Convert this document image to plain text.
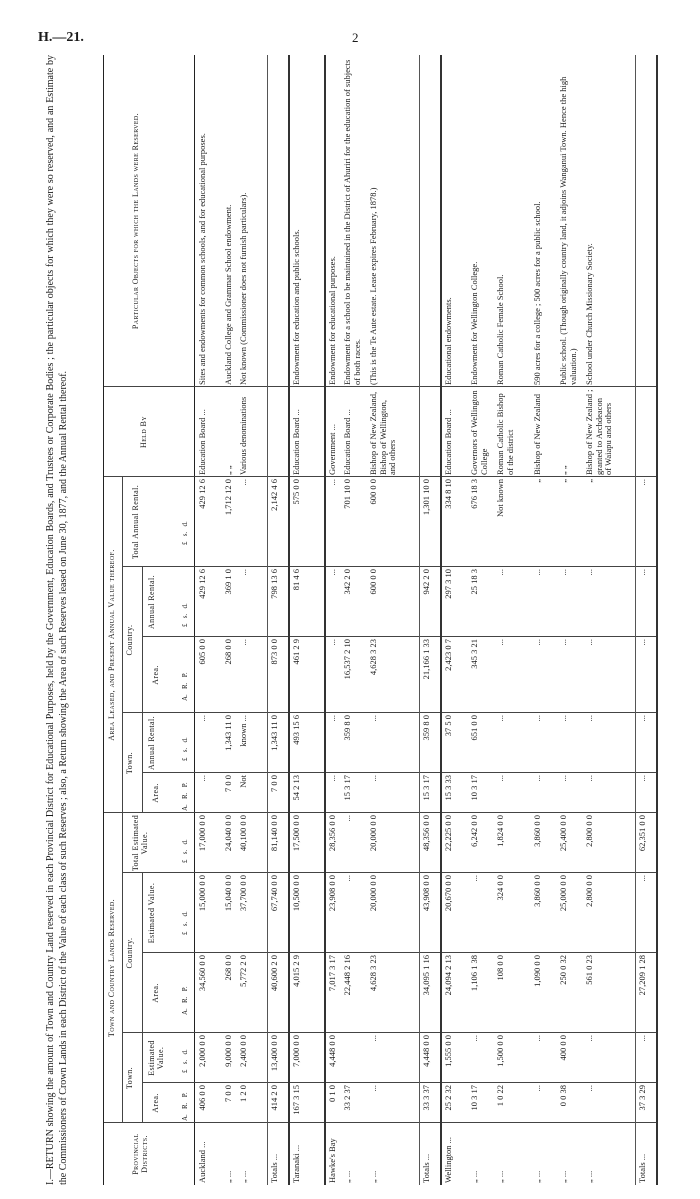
H.—21.	2
I.—RETURN showing the amount of Town and Country Land reserved in each Provincial District for Educational Purposes, held by the Government, Education Boards, and Trustees or Corporate Bodies ; the particular objects for which they were so reserved, and an Estimate by the Commissioners of Crown Lands in each District of the Value of each class of such Reserves ; also, a Return showing the Area of such Reserves leased on June 30, 1877, and the Annual Rental thereof.	Provincial Districts.
Town and Country Lands Reserved.
Town.
Country.
Area.
Estimated Value.
Area.
Estimated Value.
Total Estimated Value.
Area Leased, and Present Annual Value thereof.
Town.
Country.
Area.
Annual Rental.
Area.
Annual Rental.
Total Annual Rental.
Held By
Particular Objects for which the Lands were Reserved.
A.   R.   P.
£   s.   d.
A.   R.   P.
£   s.   d.
£   s.   d.
A.   R.   P.
£   s.   d.
A.   R.   P.
£   s.   d.
£   s.   d.
Auckland ...
406 0 0
2,000 0 0
34,560 0 0
15,000 0 0
17,000 0 0
...
...
605 0 0
429 12 6
429 12 6
Education Board ...
Sites and endowments for common schools, and for educational purposes.
„ ...
7 0 0
9,000 0 0
268 0 0
15,040 0 0
24,040 0 0
7 0 0
1,343 11 0
268 0 0
369 1 0
1,712 12 0
„ „
Auckland College and Grammar School endowment.
„ ...
1 2 0
2,400 0 0
5,772 2 0
37,700 0 0
40,100 0 0
Not
known ...
...
...
...
Various denominations
Not known (Commissioner does not furnish particulars).
Totals ...
414 2 0
13,400 0 0
40,600 2 0
67,740 0 0
81,140 0 0
7 0 0
1,343 11 0
873 0 0
798 13 6
2,142 4 6
Taranaki ...
167 3 15
7,000 0 0
4,015 2 9
10,500 0 0
17,500 0 0
54 2 13
493 15 6
461 2 9
81 4 6
575 0 0
Education Board ...
Endowment for education and public schools.
Hawke's Bay
0 1 0
4,448 0 0
7,017 3 17
23,908 0 0
28,356 0 0
...
...
...
...
...
Government ...
Endowment for educational purposes.
„ ...
33 2 37
22,448 2 16
...
...
15 3 17
359 8 0
16,537 2 10
342 2 0
701 10 0
Education Board ...
Endowment for a school to be maintained in the District of Ahuriri for the education of subjects of both races.
„ ...
...
...
4,628 3 23
20,000 0 0
20,000 0 0
...
...
4,628 3 23
600 0 0
600 0 0
Bishop of New Zealand, Bishop of Wellington, and others
(This is the Te Aute estate. Lease expires February, 1878.)
Totals ...
33 3 37
4,448 0 0
34,095 1 16
43,908 0 0
48,356 0 0
15 3 17
359 8 0
21,166 1 33
942 2 0
1,301 10 0
Wellington ...
25 2 32
1,555 0 0
24,094 2 13
20,670 0 0
22,225 0 0
15 3 33
37 5 0
2,423 0 7
297 3 10
334 8 10
Education Board ...
Educational endowments.
„ ...
10 3 17
...
1,106 1 38
...
6,242 0 0
10 3 17
651 0 0
345 3 21
25 18 3
676 18 3
Governors of Wellington College
Endowment for Wellington College.
„ ...
1 0 22
1,500 0 0
108 0 0
324 0 0
1,824 0 0
...
...
...
...
Not known
Roman Catholic Bishop of the district
Roman Catholic Female School.
„ ...
...
...
1,090 0 0
3,860 0 0
3,860 0 0
...
...
...
...
„
Bishop of New Zealand
590 acres for a college ; 500 acres for a public school.
„ ...
0 0 38
400 0 0
250 0 32
25,000 0 0
25,400 0 0
...
...
...
...
„
„ „
Public school. (Though originally country land, it adjoins Wanganui Town. Hence the high valuation.)
„ ...
...
...
561 0 23
2,800 0 0
2,800 0 0
...
...
...
...
„
Bishop of New Zealand ; granted to Archdeacon of Waiapu and others
School under Church Missionary Society.
Totals ...
37 3 29
...
27,209 1 28
...
62,351 0 0
...
...
...
...
...
